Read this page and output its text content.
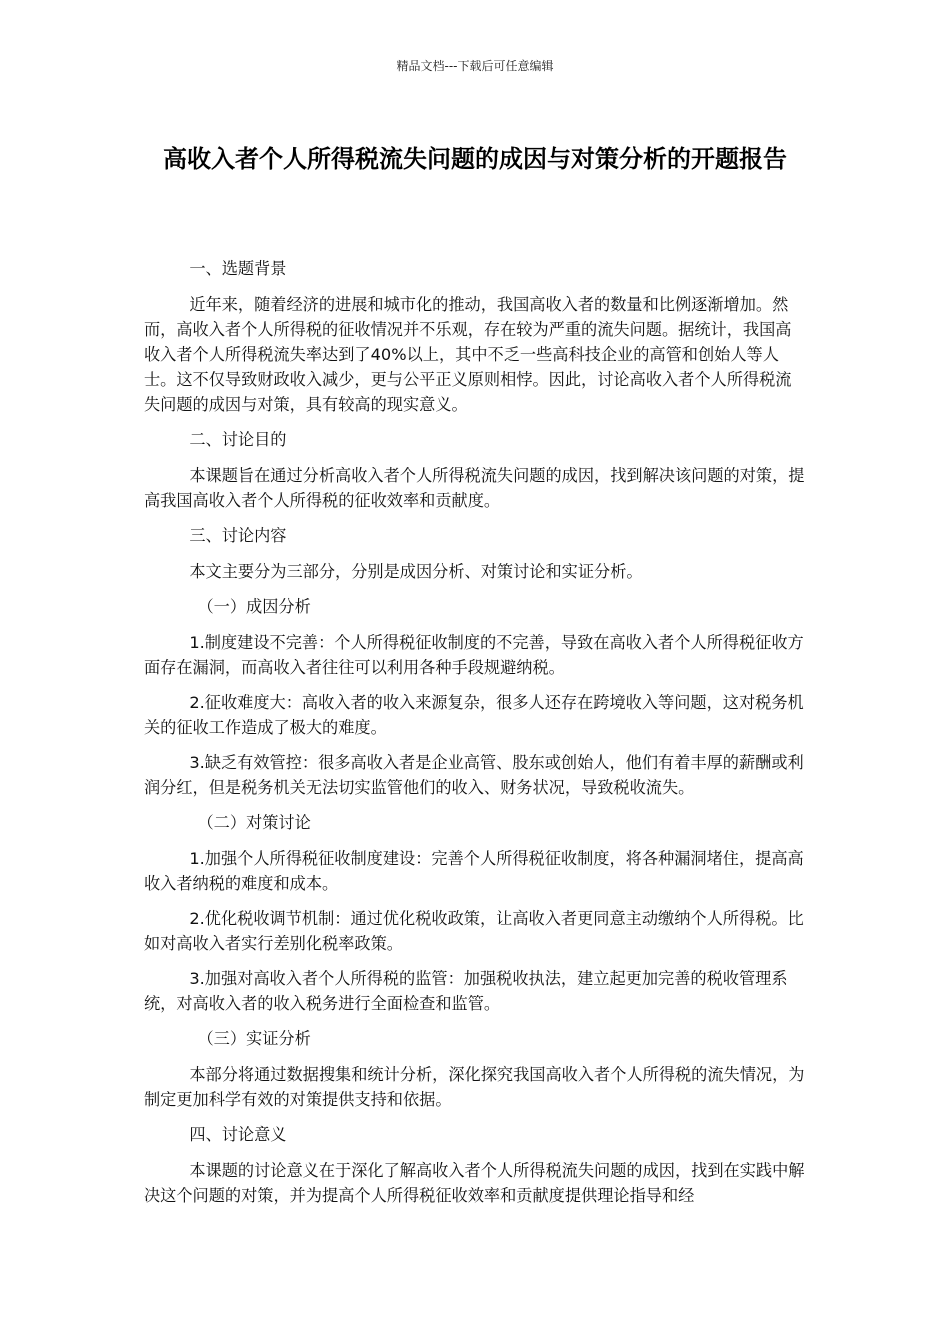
精品文档---下载后可任意编辑
高收入者个人所得税流失问题的成因与对策分析的开题报告

一、选题背景

近年来，随着经济的进展和城市化的推动，我国高收入者的数量和比例逐渐增加。然而，高收入者个人所得税的征收情况并不乐观，存在较为严重的流失问题。据统计，我国高收入者个人所得税流失率达到了40%以上，其中不乏一些高科技企业的高管和创始人等人士。这不仅导致财政收入减少，更与公平正义原则相悖。因此，讨论高收入者个人所得税流失问题的成因与对策，具有较高的现实意义。

二、讨论目的

本课题旨在通过分析高收入者个人所得税流失问题的成因，找到解决该问题的对策，提高我国高收入者个人所得税的征收效率和贡献度。

三、讨论内容

本文主要分为三部分，分别是成因分析、对策讨论和实证分析。

（一）成因分析

1.制度建设不完善：个人所得税征收制度的不完善，导致在高收入者个人所得税征收方面存在漏洞，而高收入者往往可以利用各种手段规避纳税。

2.征收难度大：高收入者的收入来源复杂，很多人还存在跨境收入等问题，这对税务机关的征收工作造成了极大的难度。

3.缺乏有效管控：很多高收入者是企业高管、股东或创始人，他们有着丰厚的薪酬或利润分红，但是税务机关无法切实监管他们的收入、财务状况，导致税收流失。

（二）对策讨论

1.加强个人所得税征收制度建设：完善个人所得税征收制度，将各种漏洞堵住，提高高收入者纳税的难度和成本。

2.优化税收调节机制：通过优化税收政策，让高收入者更同意主动缴纳个人所得税。比如对高收入者实行差别化税率政策。

3.加强对高收入者个人所得税的监管：加强税收执法，建立起更加完善的税收管理系统，对高收入者的收入税务进行全面检查和监管。

（三）实证分析

本部分将通过数据搜集和统计分析，深化探究我国高收入者个人所得税的流失情况，为制定更加科学有效的对策提供支持和依据。

四、讨论意义

本课题的讨论意义在于深化了解高收入者个人所得税流失问题的成因，找到在实践中解决这个问题的对策，并为提高个人所得税征收效率和贡献度提供理论指导和经
